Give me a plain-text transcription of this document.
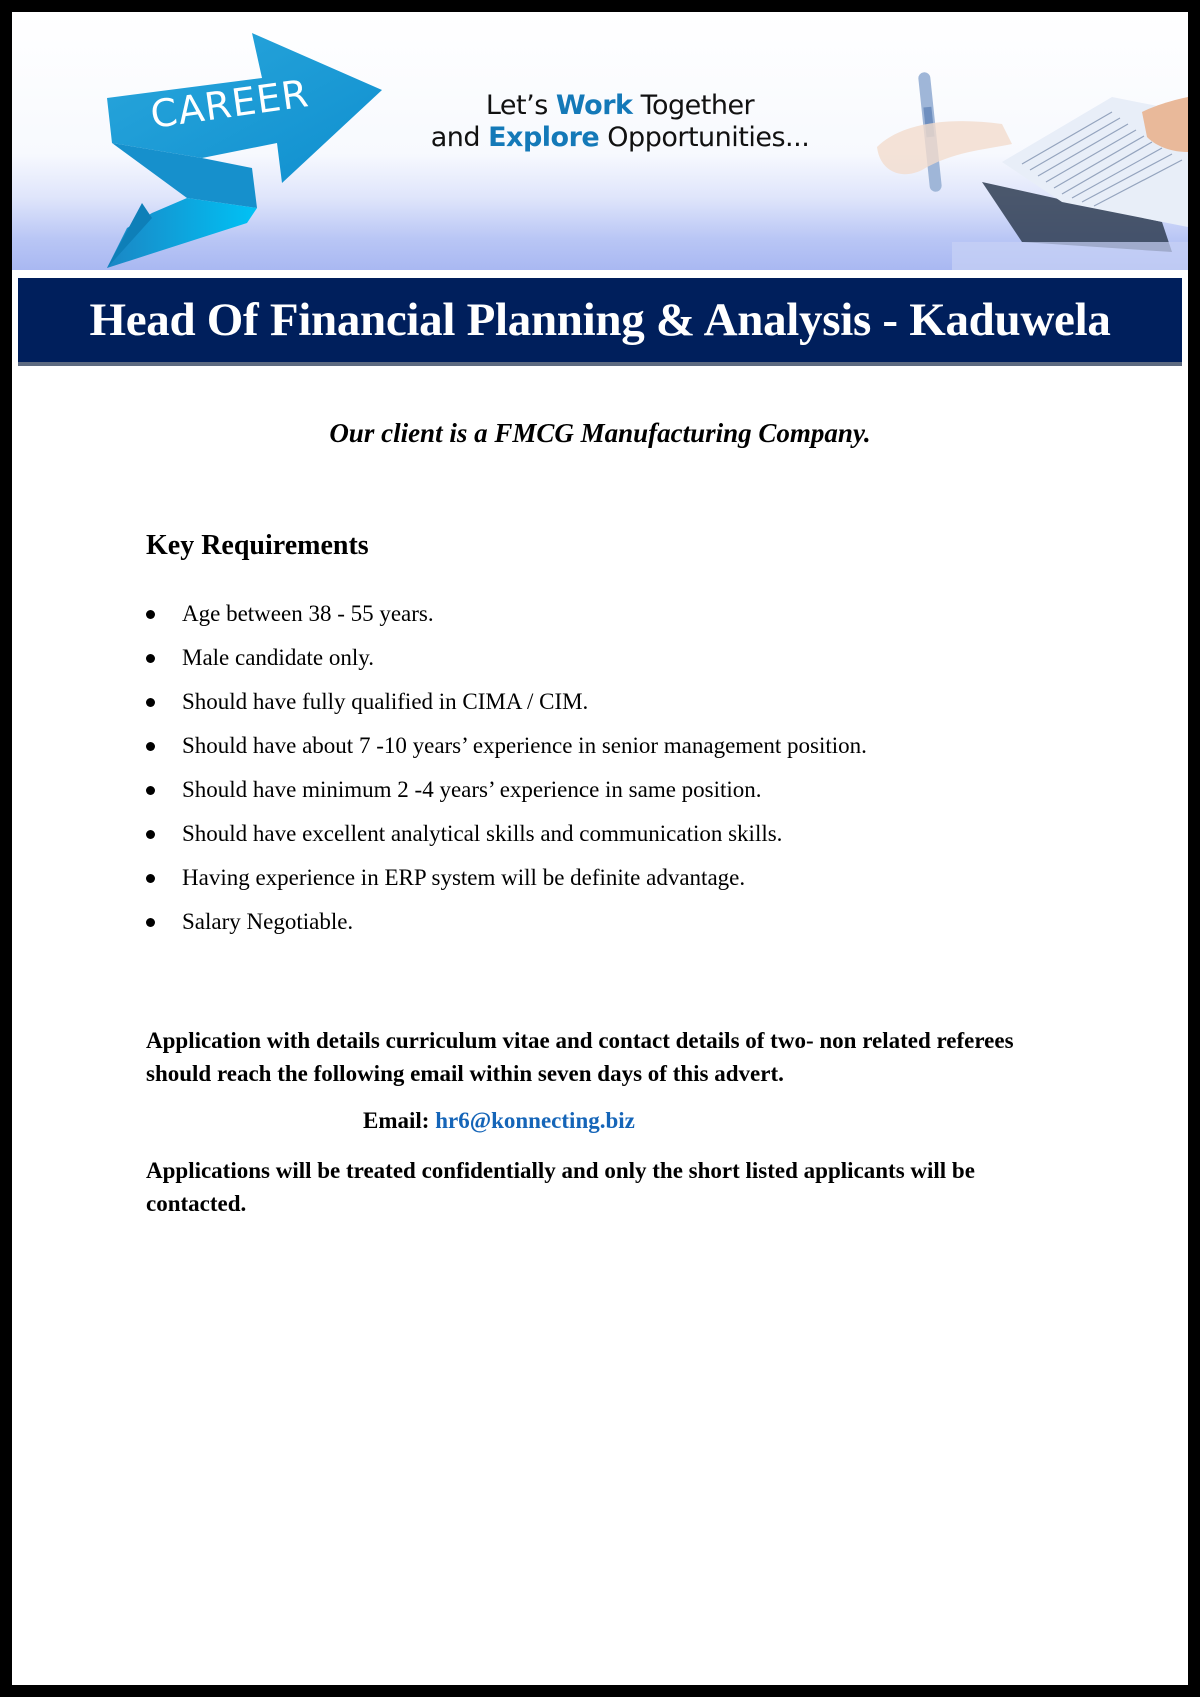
CAREER	Let’s Work Together
and Explore Opportunities...
Head Of Financial Planning & Analysis - Kaduwela
Our client is a FMCG Manufacturing Company.
Key Requirements
Age between 38 - 55 years.
Male candidate only.
Should have fully qualified in CIMA / CIM.
Should have about 7 -10 years’ experience in senior management position.
Should have minimum 2 -4 years’ experience in same position.
Should have excellent analytical skills and communication skills.
Having experience in ERP system will be definite advantage.
Salary Negotiable.

Application with details curriculum vitae and contact details of two- non related referees should reach the following email within seven days of this advert.

Email: hr6@konnecting.biz

Applications will be treated confidentially and only the short listed applicants will be contacted.
